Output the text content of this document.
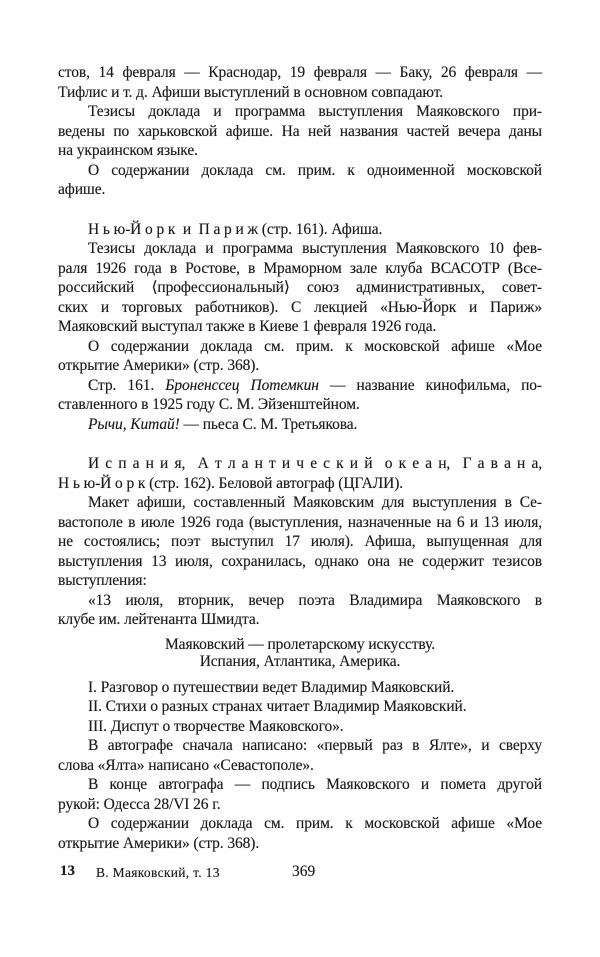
стов, 14 февраля — Краснодар, 19 февраля — Баку, 26 февраля —
Тифлис и т. д. Афиши выступлений в основном совпадают.
Тезисы доклада и программа выступления Маяковского при-
ведены по харьковской афише. На ней названия частей вечера даны
на украинском языке.
О содержании доклада см. прим. к одноименной московской
афише.
Н ь ю-Й о р к  и  П а р и ж (стр. 161). Афиша.
Тезисы доклада и программа выступления Маяковского 10 фев-
раля 1926 года в Ростове, в Мраморном зале клуба ВСАСОТР (Все-
российский ⟨профессиональный⟩ союз административных, совет-
ских и торговых работников). С лекцией «Нью-Йорк и Париж»
Маяковский выступал также в Киеве 1 февраля 1926 года.
О содержании доклада см. прим. к московской афише «Мое
открытие Америки» (стр. 368).
Стр. 161. Броненссец Потемкин — название кинофильма, по-
ставленного в 1925 году С. М. Эйзенштейном.
Рычи, Китай! — пьеса С. М. Третьякова.
И с п а н и я,  А т л а н т и ч е с к и й  о к е а н,  Г а в а н а,
Н ь ю-Й о р к (стр. 162). Беловой автограф (ЦГАЛИ).
Макет афиши, составленный Маяковским для выступления в Се-
вастополе в июле 1926 года (выступления, назначенные на 6 и 13 июля,
не состоялись; поэт выступил 17 июля). Афиша, выпущенная для
выступления 13 июля, сохранилась, однако она не содержит тезисов
выступления:
«13 июля, вторник, вечер поэта Владимира Маяковского в
клубе им. лейтенанта Шмидта.
Маяковский — пролетарскому искусству.
Испания, Атлантика, Америка.
I. Разговор о путешествии ведет Владимир Маяковский.
II. Стихи о разных странах читает Владимир Маяковский.
III. Диспут о творчестве Маяковского».
В автографе сначала написано: «первый раз в Ялте», и сверху
слова «Ялта» написано «Севастополе».
В конце автографа — подпись Маяковского и помета другой
рукой: Одесса 28/VI 26 г.
О содержании доклада см. прим. к московской афише «Мое
открытие Америки» (стр. 368).
13 В. Маяковский, т. 13	369
